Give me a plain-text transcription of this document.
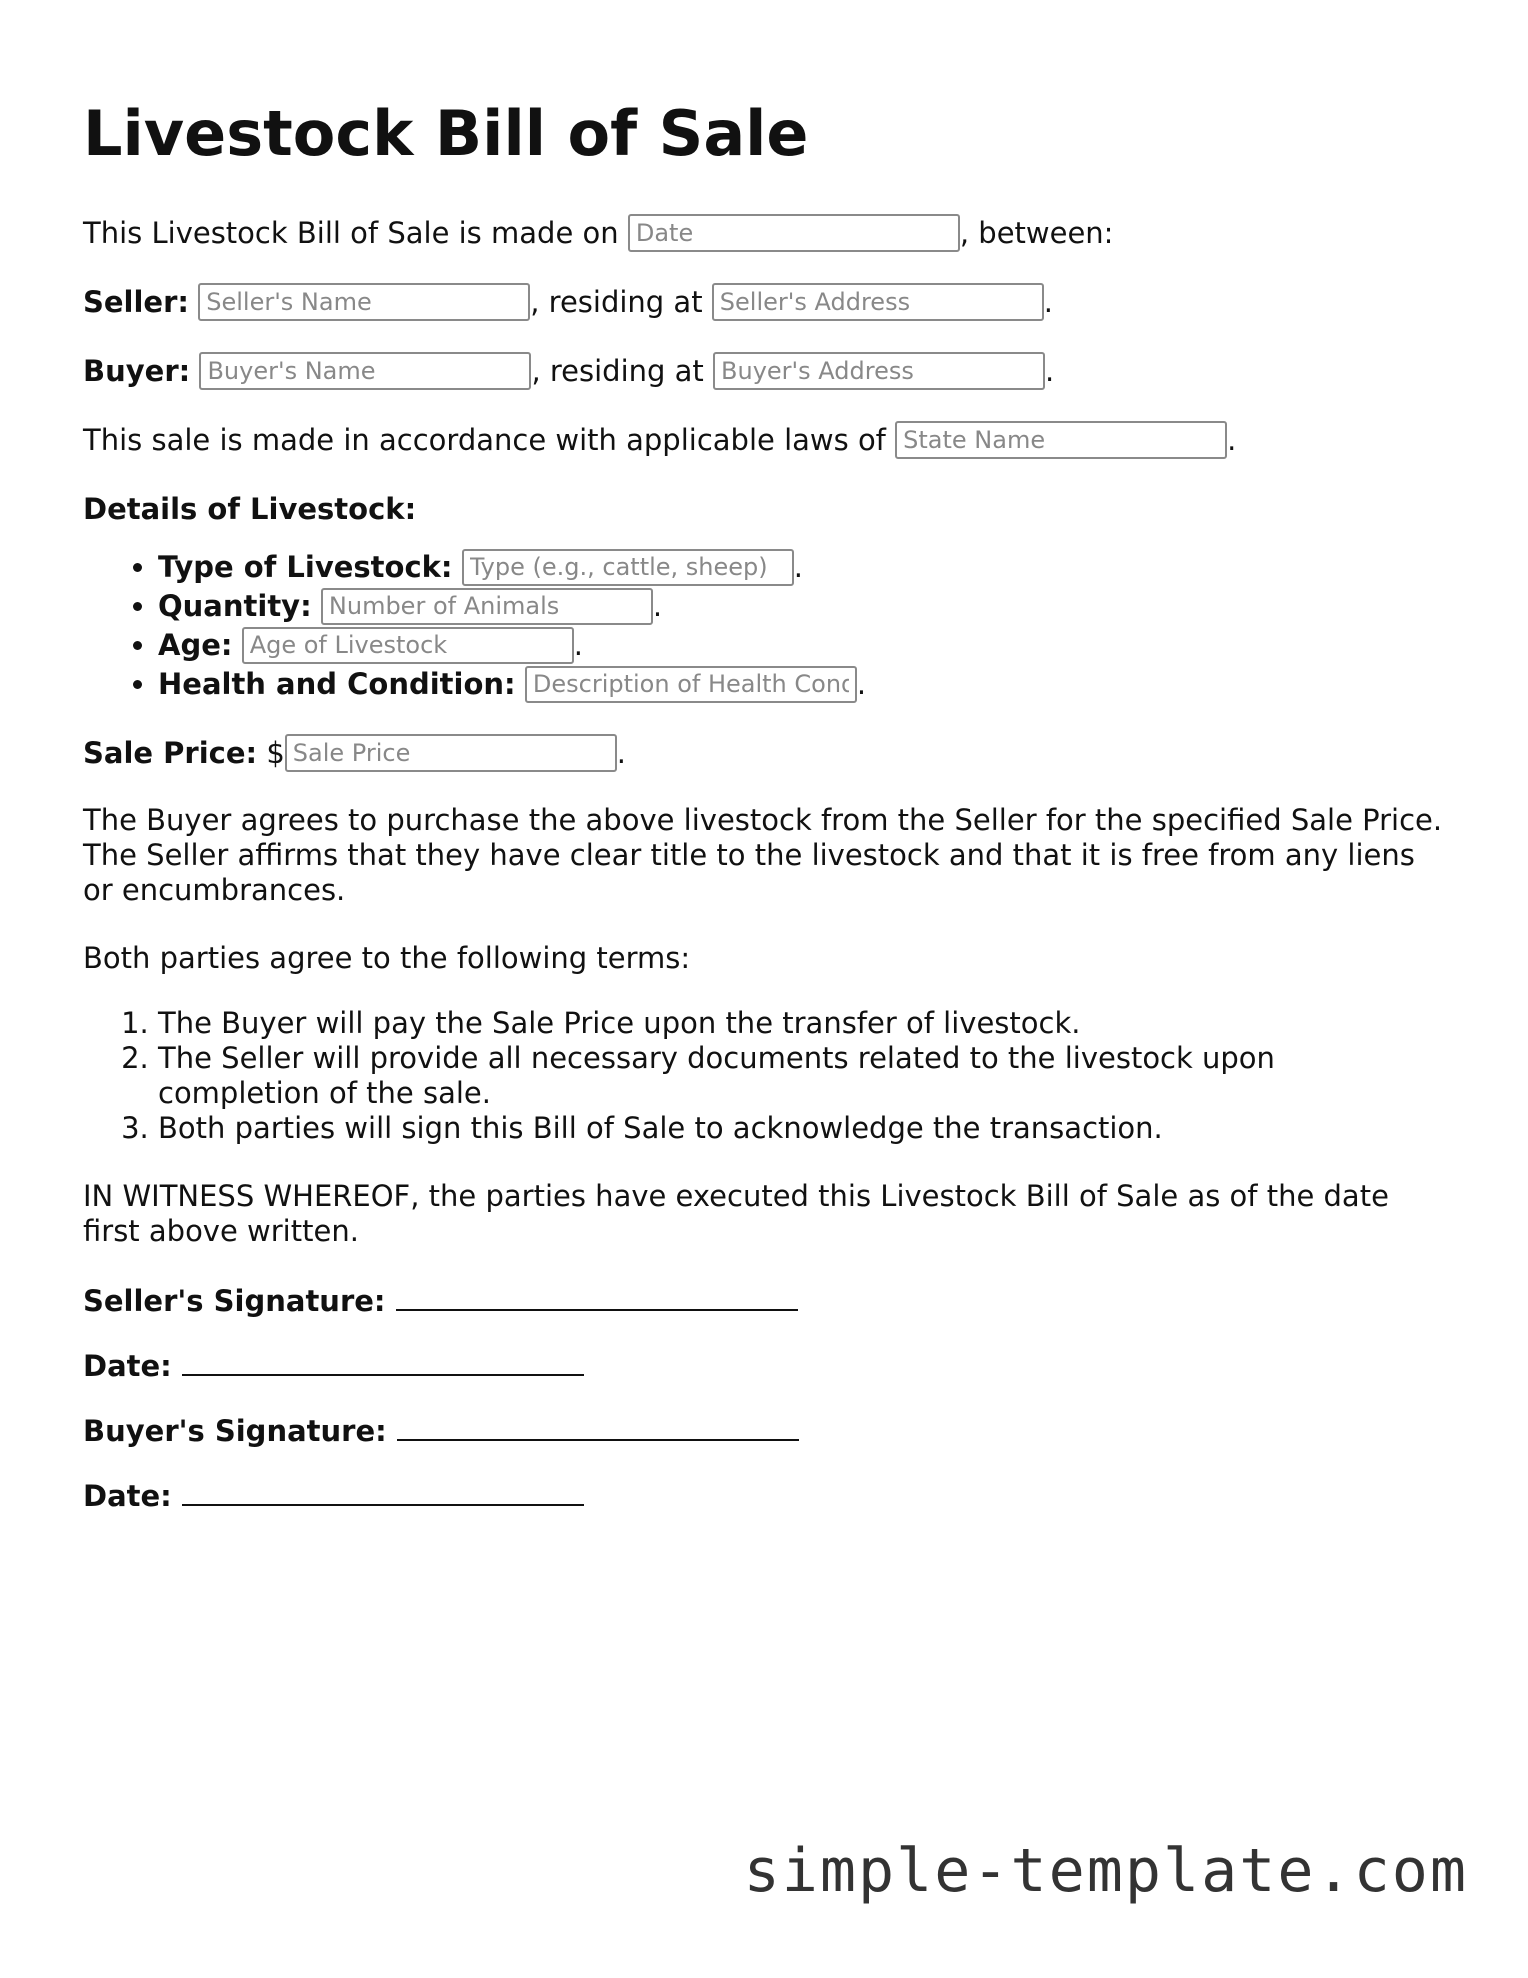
Livestock Bill of Sale
This Livestock Bill of Sale is made on Date	, between:
Seller: Seller's Name	, residing at Seller's Address	.
Buyer: Buyer's Name	, residing at Buyer's Address	.
This sale is made in accordance with applicable laws of State Name	.
Details of Livestock:
• Type of Livestock: Type (e.g., cattle, sheep)	.
• Quantity: Number of Animals	.
• Age: Age of Livestock	.
• Health and Condition: Description of Health Condition	.
Sale Price: $Sale Price	.

The Buyer agrees to purchase the above livestock from the Seller for the specified Sale Price. The Seller affirms that they have clear title to the livestock and that it is free from any liens or encumbrances.

Both parties agree to the following terms:

1. The Buyer will pay the Sale Price upon the transfer of livestock.
2. The Seller will provide all necessary documents related to the livestock upon completion of the sale.
3. Both parties will sign this Bill of Sale to acknowledge the transaction.

IN WITNESS WHEREOF, the parties have executed this Livestock Bill of Sale as of the date first above written.

Seller's Signature:
Date:
Buyer's Signature:
Date:
simple-template.com
